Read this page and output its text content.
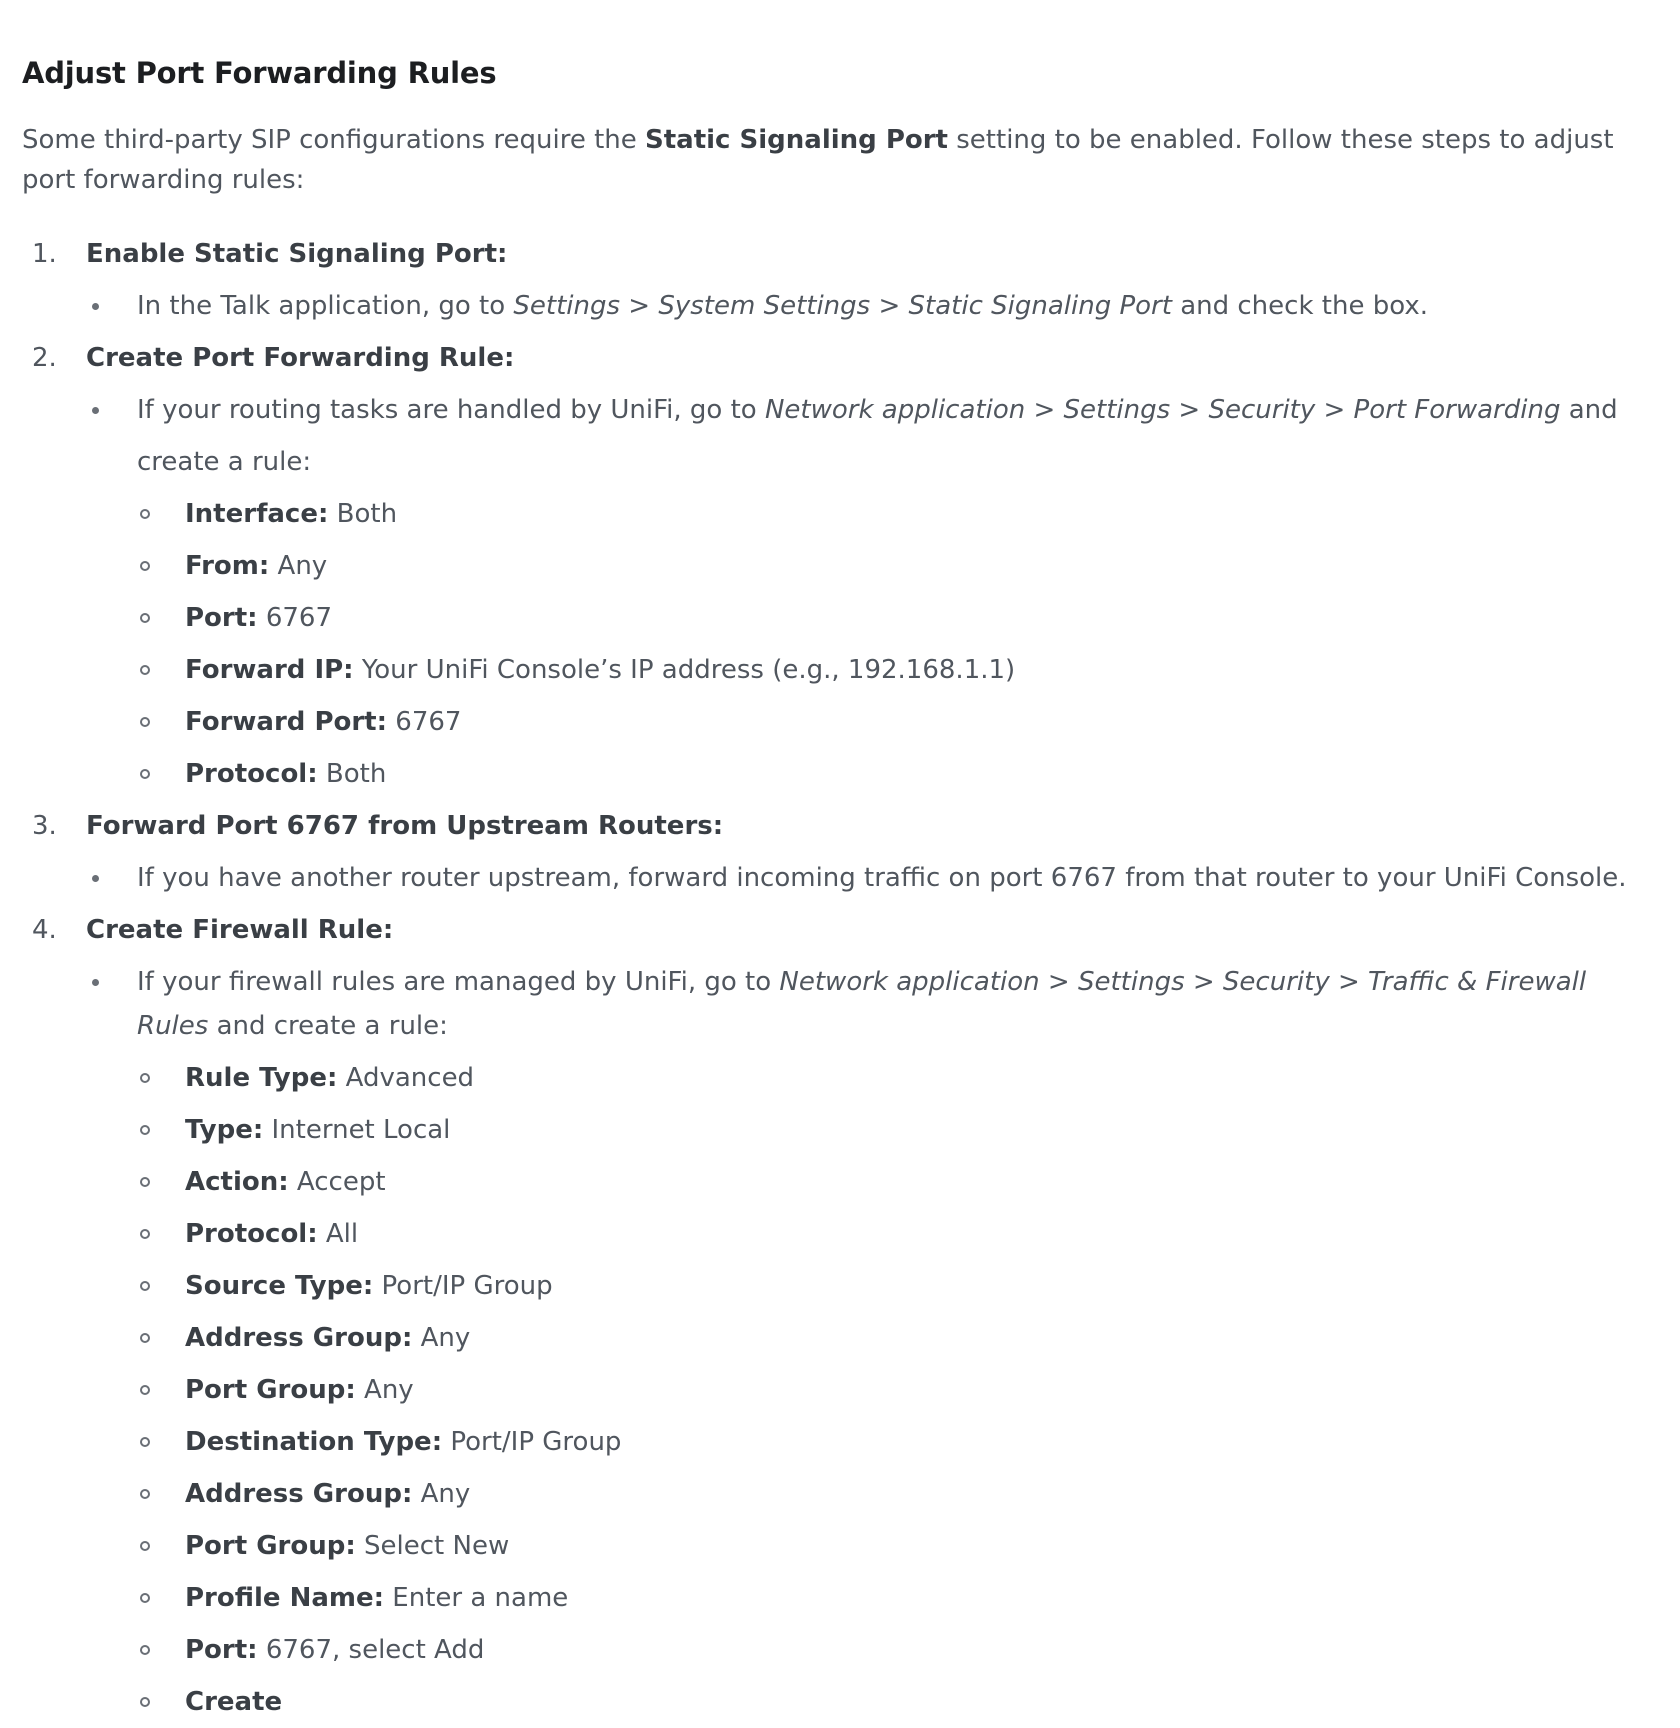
Adjust Port Forwarding Rules

Some third-party SIP configurations require the Static Signaling Port setting to be enabled. Follow these steps to adjust port forwarding rules:

1. Enable Static Signaling Port:
In the Talk application, go to Settings > System Settings > Static Signaling Port and check the box.
2. Create Port Forwarding Rule:
If your routing tasks are handled by UniFi, go to Network application > Settings > Security > Port Forwarding and create a rule:
Interface: Both
From: Any
Port: 6767
Forward IP: Your UniFi Console’s IP address (e.g., 192.168.1.1)
Forward Port: 6767
Protocol: Both
3. Forward Port 6767 from Upstream Routers:
If you have another router upstream, forward incoming traffic on port 6767 from that router to your UniFi Console.
4. Create Firewall Rule:
If your firewall rules are managed by UniFi, go to Network application > Settings > Security > Traffic & Firewall Rules and create a rule:
Rule Type: Advanced
Type: Internet Local
Action: Accept
Protocol: All
Source Type: Port/IP Group
Address Group: Any
Port Group: Any
Destination Type: Port/IP Group
Address Group: Any
Port Group: Select New
Profile Name: Enter a name
Port: 6767, select Add
Create
